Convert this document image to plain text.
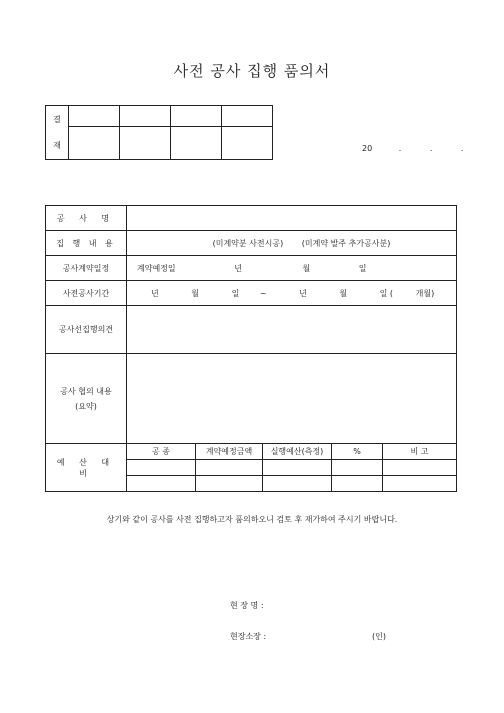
사전 공사 집행 품의서
결
재				

				20	.	.	.
공 사 명					
집 행 내 용	(미계약분 사전시공) (미계약 발주 추가공사분)				
공사계약일정	계약예정일 년 월 일				
사전공사기간	년 월 일 ~ 년 월 일 ( 개월)				
공사선집행의견					

공사 협의 내용
(요약)					

예 산 대 비	공 종	계약예정금액	실행예산(측정)	%	비 고

상기와 같이 공사를 사전 집행하고자 품의하오니 검토 후 재가하여 주시기 바랍니다.
현 장 명 :
현장소장 :	(인)
